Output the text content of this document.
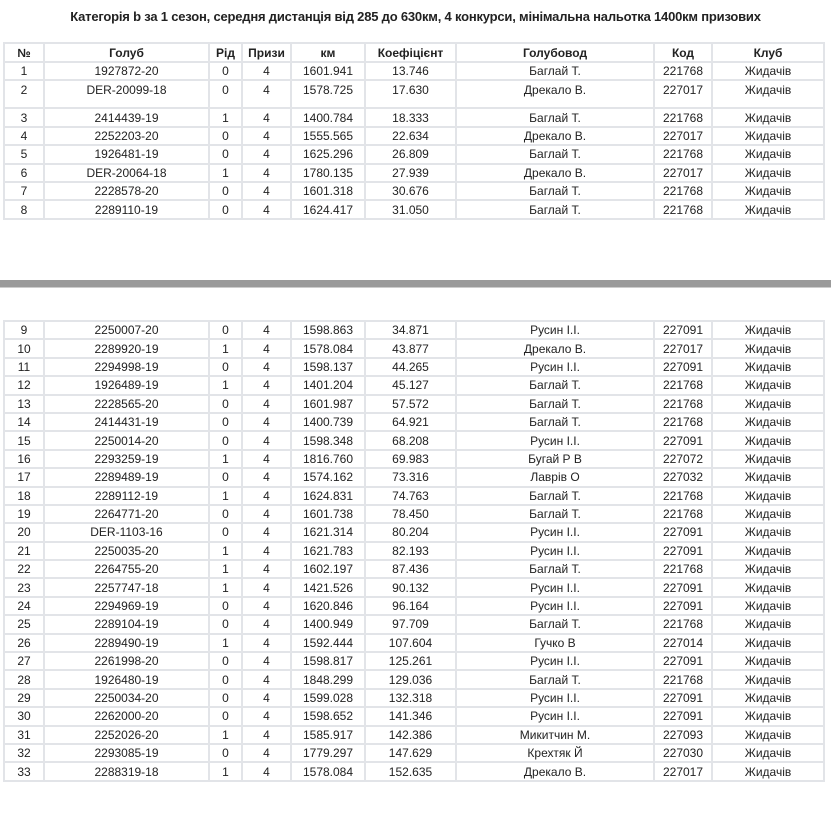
Категорія b за 1 сезон, середня дистанція від 285 до 630км, 4 конкурси, мінімальна нальотка 1400км призових
№	Голуб	Рід	Призи	км	Коефіцієнт	Голубовод	Код	Клуб
1	1927872-20	0	4	1601.941	13.746	Баглай Т.	221768	Жидачів
2	DER-20099-18	0	4	1578.725	17.630	Дрекало В.	227017	Жидачів
3	2414439-19	1	4	1400.784	18.333	Баглай Т.	221768	Жидачів
4	2252203-20	0	4	1555.565	22.634	Дрекало В.	227017	Жидачів
5	1926481-19	0	4	1625.296	26.809	Баглай Т.	221768	Жидачів
6	DER-20064-18	1	4	1780.135	27.939	Дрекало В.	227017	Жидачів
7	2228578-20	0	4	1601.318	30.676	Баглай Т.	221768	Жидачів
8	2289110-19	0	4	1624.417	31.050	Баглай Т.	221768	Жидачів
9	2250007-20	0	4	1598.863	34.871	Русин І.І.	227091	Жидачів
10	2289920-19	1	4	1578.084	43.877	Дрекало В.	227017	Жидачів
11	2294998-19	0	4	1598.137	44.265	Русин І.І.	227091	Жидачів
12	1926489-19	1	4	1401.204	45.127	Баглай Т.	221768	Жидачів
13	2228565-20	0	4	1601.987	57.572	Баглай Т.	221768	Жидачів
14	2414431-19	0	4	1400.739	64.921	Баглай Т.	221768	Жидачів
15	2250014-20	0	4	1598.348	68.208	Русин І.І.	227091	Жидачів
16	2293259-19	1	4	1816.760	69.983	Бугай Р В	227072	Жидачів
17	2289489-19	0	4	1574.162	73.316	Лаврів О	227032	Жидачів
18	2289112-19	1	4	1624.831	74.763	Баглай Т.	221768	Жидачів
19	2264771-20	0	4	1601.738	78.450	Баглай Т.	221768	Жидачів
20	DER-1103-16	0	4	1621.314	80.204	Русин І.І.	227091	Жидачів
21	2250035-20	1	4	1621.783	82.193	Русин І.І.	227091	Жидачів
22	2264755-20	1	4	1602.197	87.436	Баглай Т.	221768	Жидачів
23	2257747-18	1	4	1421.526	90.132	Русин І.І.	227091	Жидачів
24	2294969-19	0	4	1620.846	96.164	Русин І.І.	227091	Жидачів
25	2289104-19	0	4	1400.949	97.709	Баглай Т.	221768	Жидачів
26	2289490-19	1	4	1592.444	107.604	Гучко В	227014	Жидачів
27	2261998-20	0	4	1598.817	125.261	Русин І.І.	227091	Жидачів
28	1926480-19	0	4	1848.299	129.036	Баглай Т.	221768	Жидачів
29	2250034-20	0	4	1599.028	132.318	Русин І.І.	227091	Жидачів
30	2262000-20	0	4	1598.652	141.346	Русин І.І.	227091	Жидачів
31	2252026-20	1	4	1585.917	142.386	Микитчин М.	227093	Жидачів
32	2293085-19	0	4	1779.297	147.629	Крехтяк Й	227030	Жидачів
33	2288319-18	1	4	1578.084	152.635	Дрекало В.	227017	Жидачів
